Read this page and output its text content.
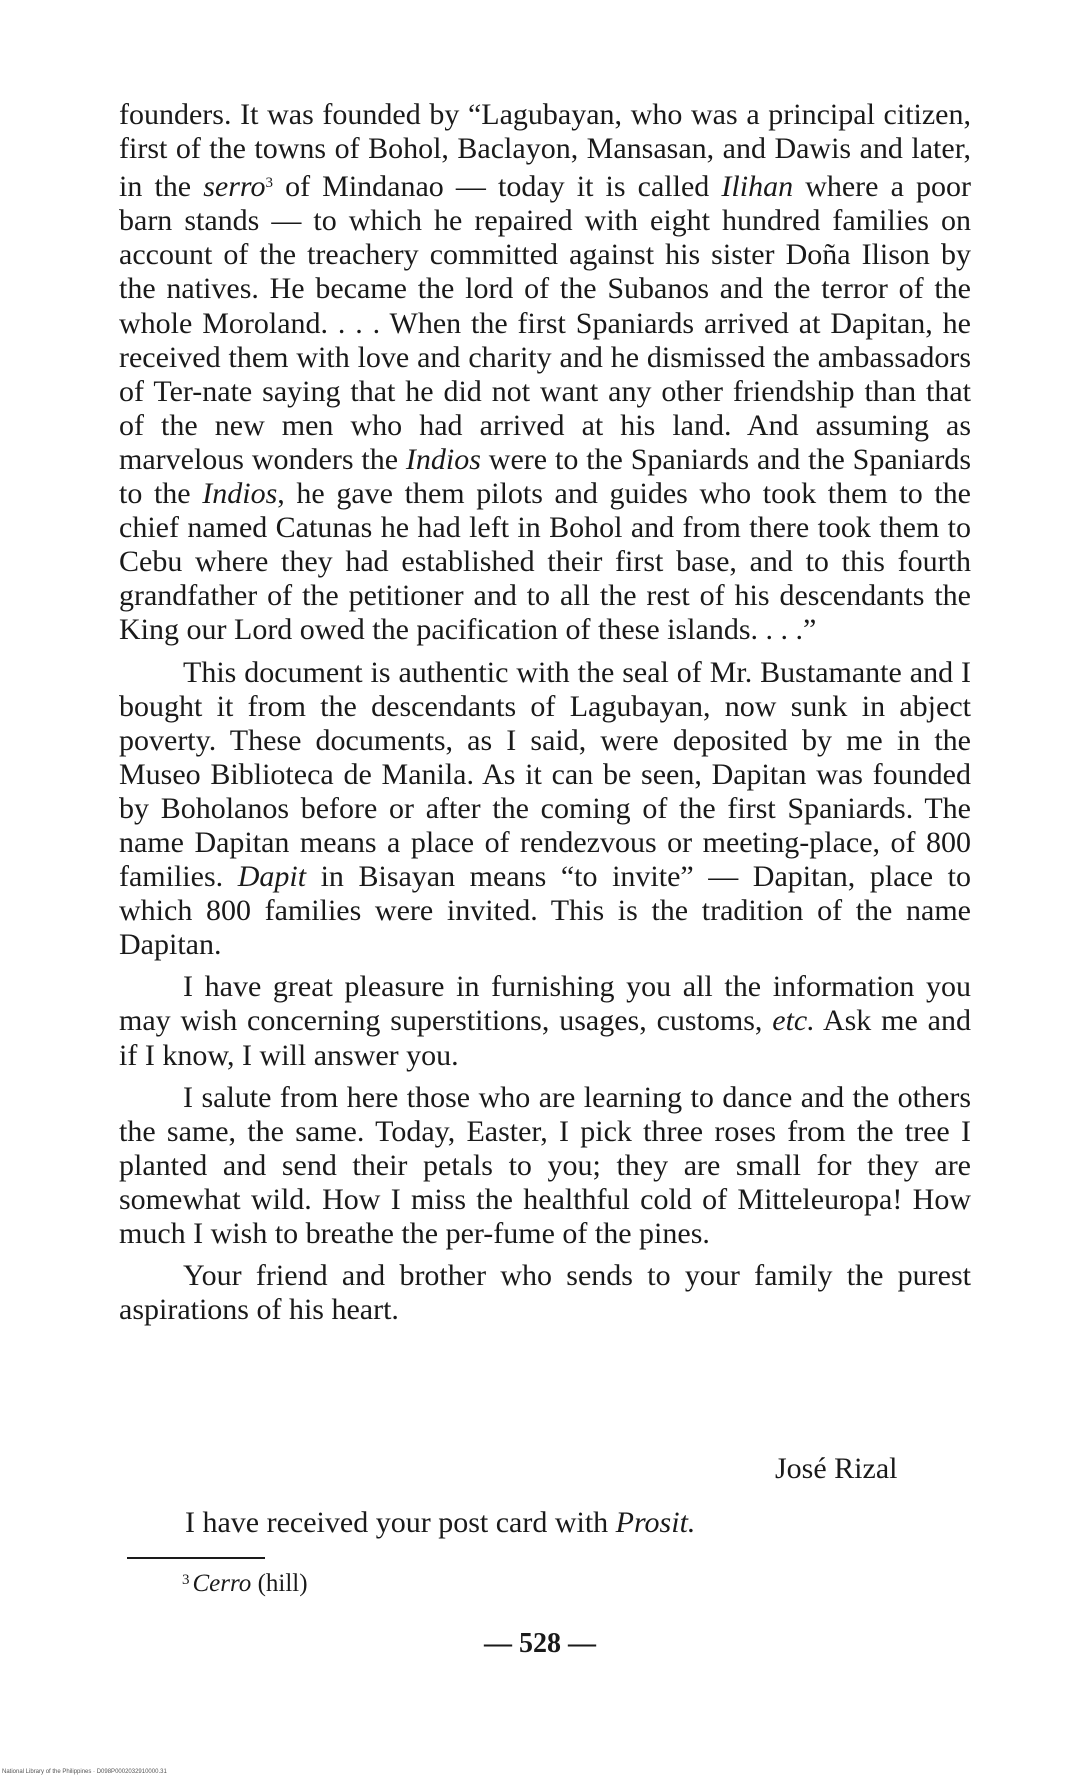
founders. It was founded by “Lagubayan, who was a principal citizen, first of the towns of Bohol, Baclayon, Mansasan, and Dawis and later, in the serro$^3$ of Mindanao — today it is called Ilihan where a poor barn stands — to which he repaired with eight hundred families on account of the treachery committed against his sister Doña Ilison by the natives. He became the lord of the Subanos and the terror of the whole Moroland. . . . When the first Spaniards arrived at Dapitan, he received them with love and charity and he dismissed the ambassadors of Ter-nate saying that he did not want any other friendship than that of the new men who had arrived at his land. And assuming as marvelous wonders the Indios were to the Spaniards and the Spaniards to the Indios, he gave them pilots and guides who took them to the chief named Catunas he had left in Bohol and from there took them to Cebu where they had established their first base, and to this fourth grandfather of the petitioner and to all the rest of his descendants the King our Lord owed the pacification of these islands. . . .”

This document is authentic with the seal of Mr. Bustamante and I bought it from the descendants of Lagubayan, now sunk in abject poverty. These documents, as I said, were deposited by me in the Museo Biblioteca de Manila. As it can be seen, Dapitan was founded by Boholanos before or after the coming of the first Spaniards. The name Dapitan means a place of rendezvous or meeting-place, of 800 families. Dapit in Bisayan means “to invite” — Dapitan, place to which 800 families were invited. This is the tradition of the name Dapitan.

I have great pleasure in furnishing you all the information you may wish concerning superstitions, usages, customs, etc. Ask me and if I know, I will answer you.

I salute from here those who are learning to dance and the others the same, the same. Today, Easter, I pick three roses from the tree I planted and send their petals to you; they are small for they are somewhat wild. How I miss the healthful cold of Mitteleuropa! How much I wish to breathe the per-fume of the pines.

Your friend and brother who sends to your family the purest aspirations of his heart.

José Rizal
I have received your post card with Prosit.
$^3$ Cerro (hill)
— 528 —
National Library of the Philippines · D098P0002032910000.31
